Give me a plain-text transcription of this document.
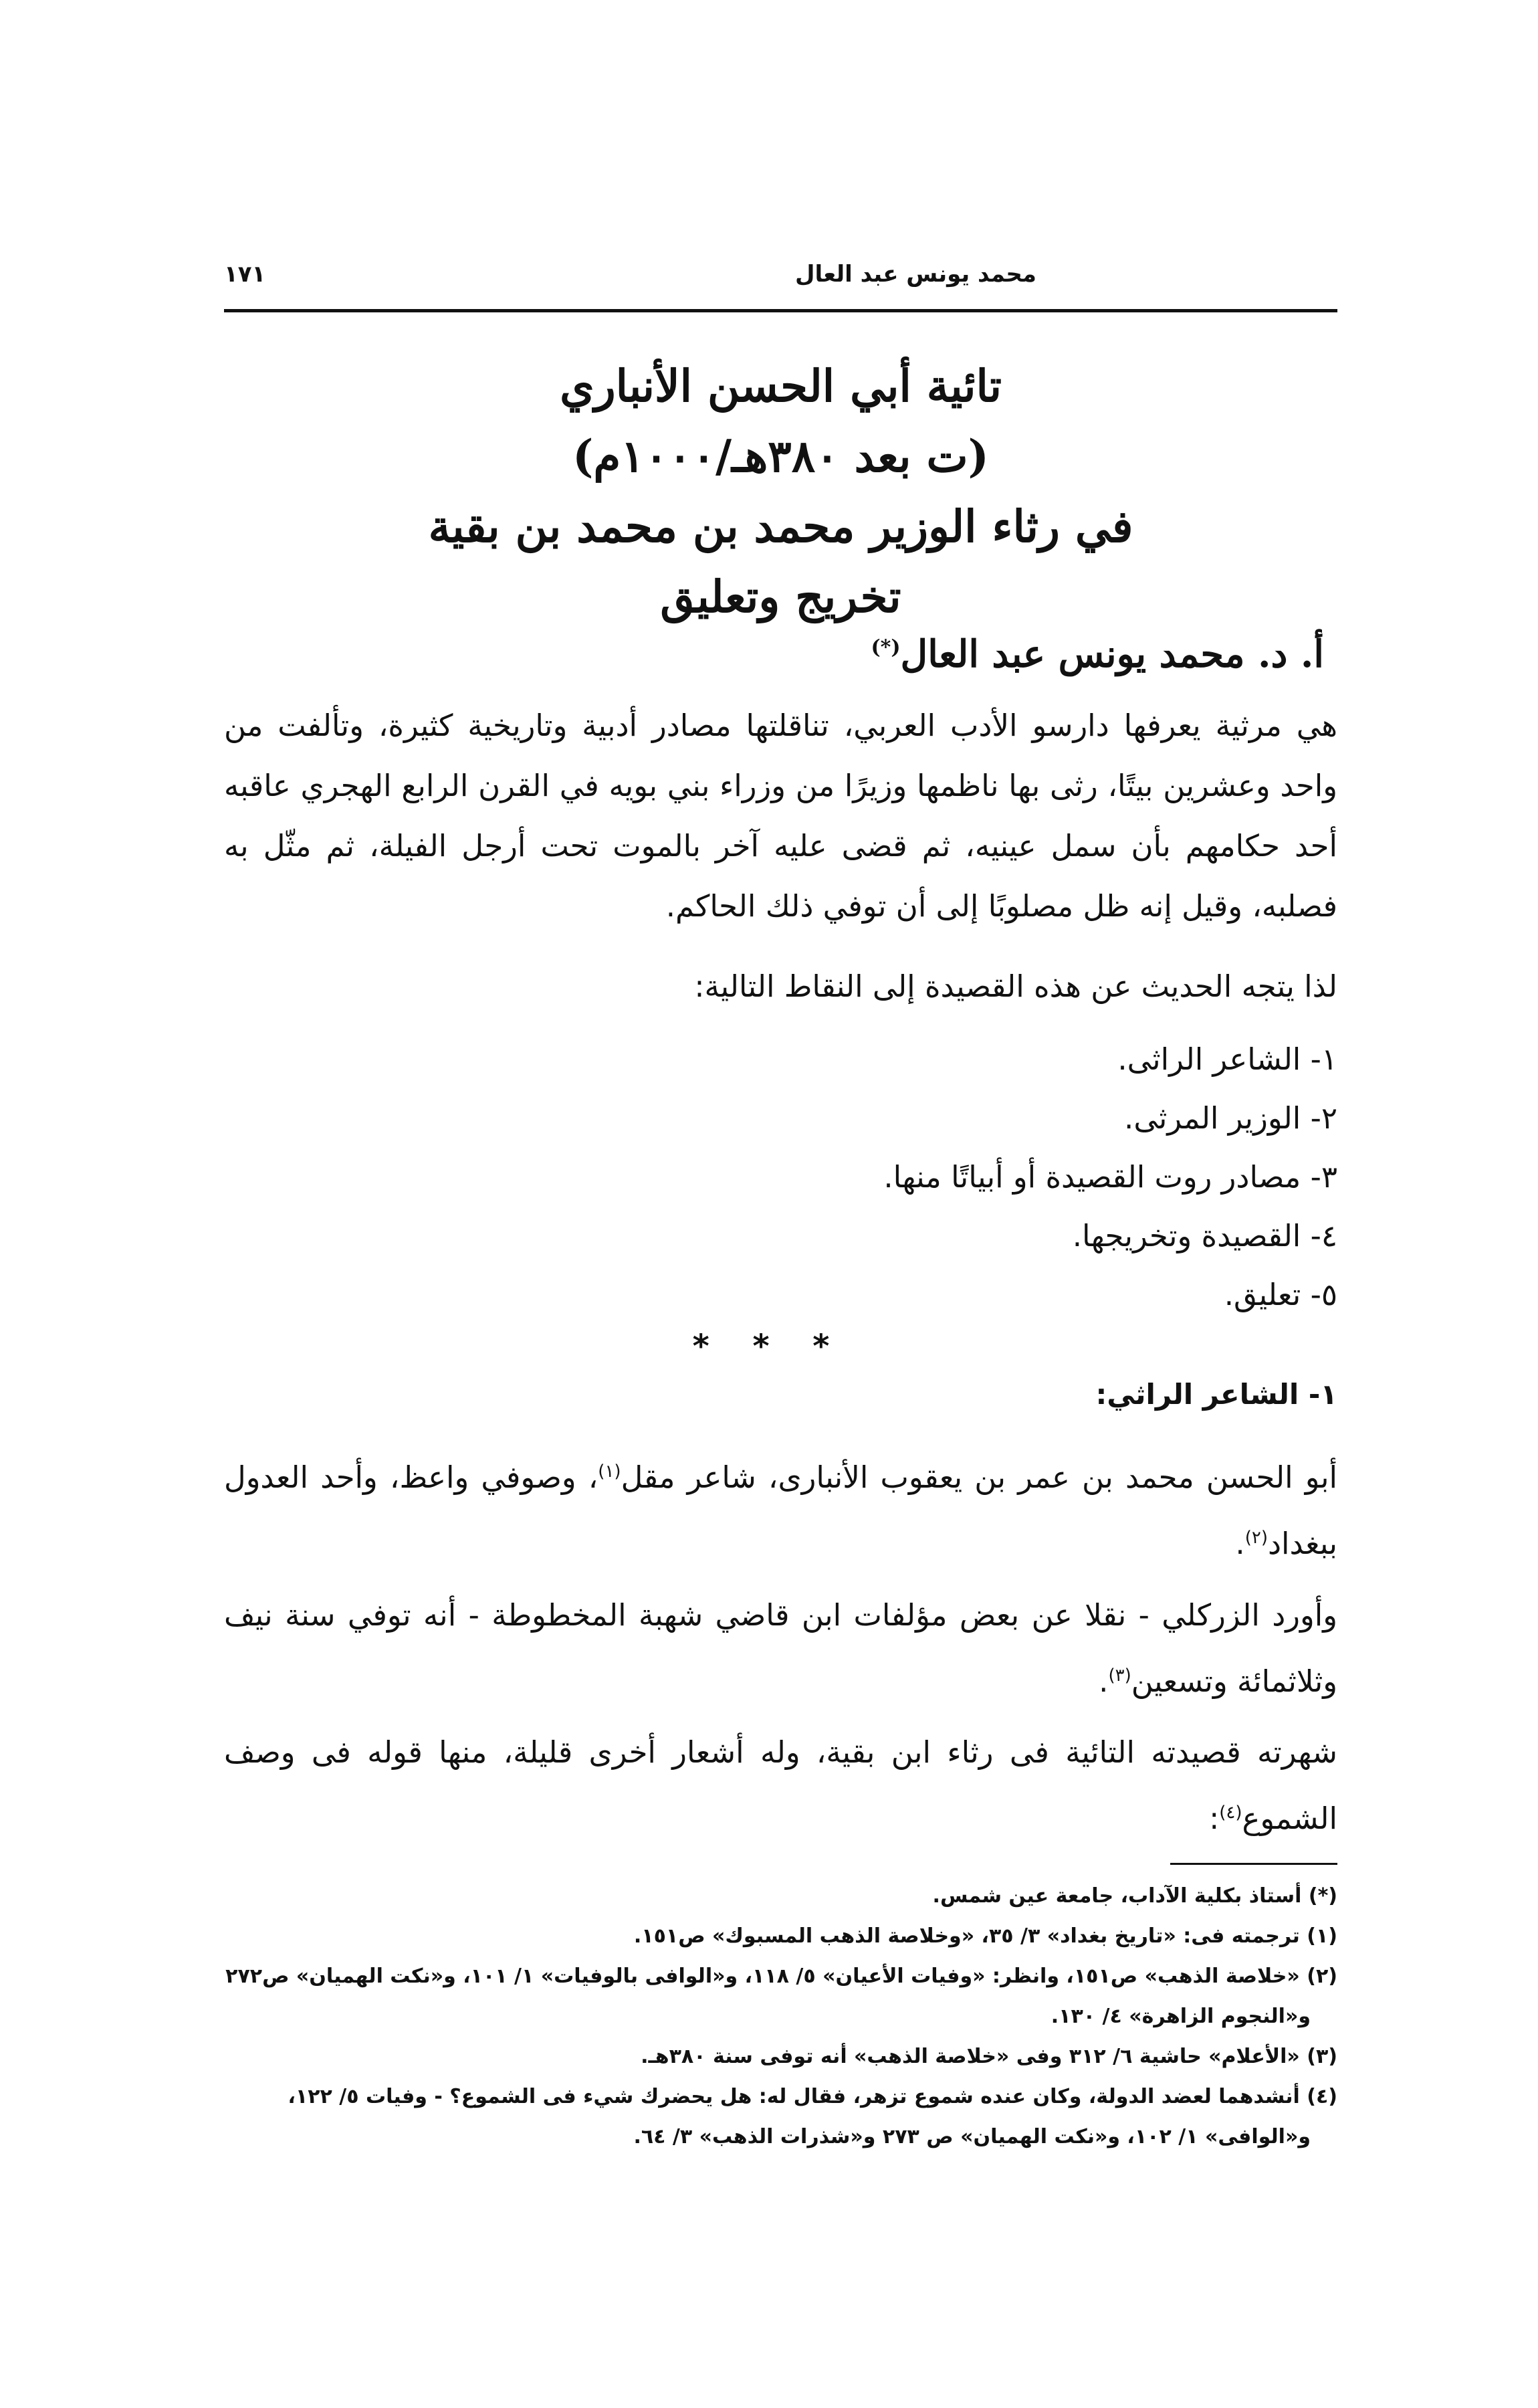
محمد يونس عبد العال
١٧١
تائية أبي الحسن الأنباري
(ت بعد ٣٨٠هـ/١٠٠٠م)
في رثاء الوزير محمد بن محمد بن بقية
تخريج وتعليق
أ. د. محمد يونس عبد العال(*)

هي مرثية يعرفها دارسو الأدب العربي، تناقلتها مصادر أدبية وتاريخية كثيرة، وتألفت من واحد وعشرين بيتًا، رثى بها ناظمها وزيرًا من وزراء بني بويه في القرن الرابع الهجري عاقبه أحد حكامهم بأن سمل عينيه، ثم قضى عليه آخر بالموت تحت أرجل الفيلة، ثم مثّل به فصلبه، وقيل إنه ظل مصلوبًا إلى أن توفي ذلك الحاكم.

لذا يتجه الحديث عن هذه القصيدة إلى النقاط التالية:

١- الشاعر الراثى.
٢- الوزير المرثى.
٣- مصادر روت القصيدة أو أبياتًا منها.
٤- القصيدة وتخريجها.
٥- تعليق.
* * *
١- الشاعر الراثي:

أبو الحسن محمد بن عمر بن يعقوب الأنبارى، شاعر مقل$^{(١)}$، وصوفي واعظ، وأحد العدول ببغداد$^{(٢)}$.

وأورد الزركلي - نقلا عن بعض مؤلفات ابن قاضي شهبة المخطوطة - أنه توفي سنة نيف وثلاثمائة وتسعين$^{(٣)}$.

شهرته قصيدته التائية فى رثاء ابن بقية، وله أشعار أخرى قليلة، منها قوله فى وصف الشموع$^{(٤)}$:

(*) أستاذ بكلية الآداب، جامعة عين شمس.
(١) ترجمته فى: «تاريخ بغداد» ٣/ ٣٥، «وخلاصة الذهب المسبوك» ص١٥١.
(٢) «خلاصة الذهب» ص١٥١، وانظر: «وفيات الأعيان» ٥/ ١١٨، و«الوافى بالوفيات» ١/ ١٠١، و«نكت الهميان» ص٢٧٢
و«النجوم الزاهرة» ٤/ ١٣٠.
(٣) «الأعلام» حاشية ٦/ ٣١٢ وفى «خلاصة الذهب» أنه توفى سنة ٣٨٠هـ.
(٤) أنشدهما لعضد الدولة، وكان عنده شموع تزهر، فقال له: هل يحضرك شيء فى الشموع؟ - وفيات ٥/ ١٢٢،
و«الوافى» ١/ ١٠٢، و«نكت الهميان» ص ٢٧٣ و«شذرات الذهب» ٣/ ٦٤.
